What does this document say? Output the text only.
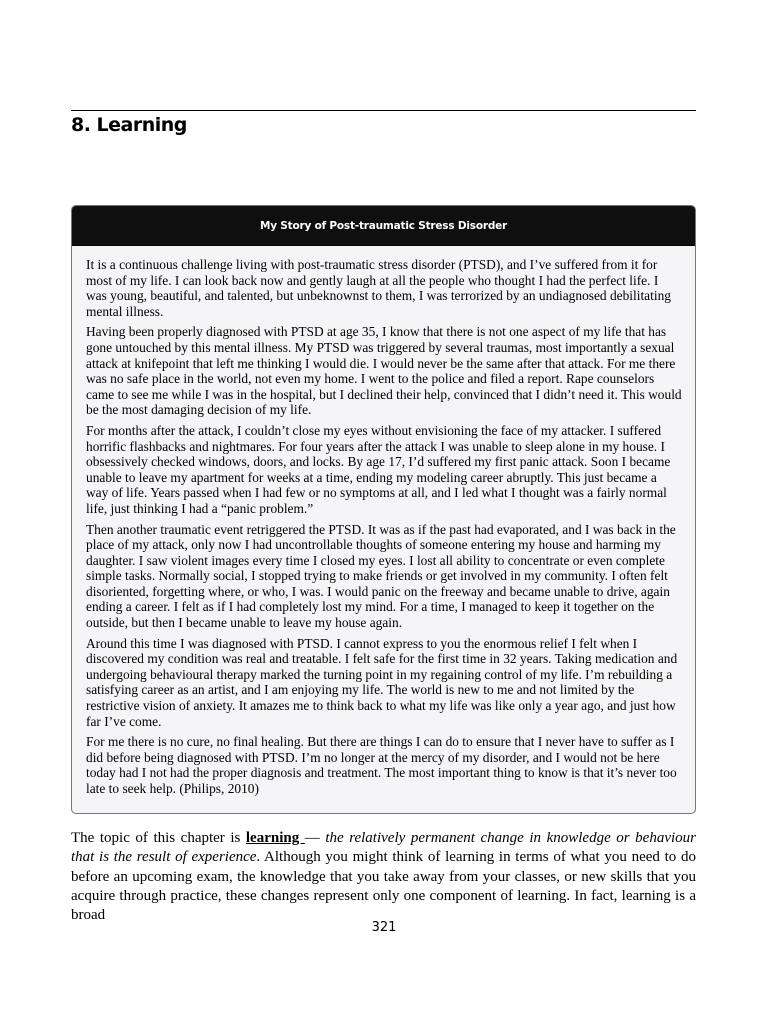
8. Learning
My Story of Post-traumatic Stress Disorder

It is a continuous challenge living with post-traumatic stress disorder (PTSD), and I’ve suffered from it for most of my life. I can look back now and gently laugh at all the people who thought I had the perfect life. I was young, beautiful, and talented, but unbeknownst to them, I was terrorized by an undiagnosed debilitating mental illness.

Having been properly diagnosed with PTSD at age 35, I know that there is not one aspect of my life that has gone untouched by this mental illness. My PTSD was triggered by several traumas, most importantly a sexual attack at knifepoint that left me thinking I would die. I would never be the same after that attack. For me there was no safe place in the world, not even my home. I went to the police and filed a report. Rape counselors came to see me while I was in the hospital, but I declined their help, convinced that I didn’t need it. This would be the most damaging decision of my life.

For months after the attack, I couldn’t close my eyes without envisioning the face of my attacker. I suffered horrific flashbacks and nightmares. For four years after the attack I was unable to sleep alone in my house. I obsessively checked windows, doors, and locks. By age 17, I’d suffered my first panic attack. Soon I became unable to leave my apartment for weeks at a time, ending my modeling career abruptly. This just became a way of life. Years passed when I had few or no symptoms at all, and I led what I thought was a fairly normal life, just thinking I had a “panic problem.”

Then another traumatic event retriggered the PTSD. It was as if the past had evaporated, and I was back in the place of my attack, only now I had uncontrollable thoughts of someone entering my house and harming my daughter. I saw violent images every time I closed my eyes. I lost all ability to concentrate or even complete simple tasks. Normally social, I stopped trying to make friends or get involved in my community. I often felt disoriented, forgetting where, or who, I was. I would panic on the freeway and became unable to drive, again ending a career. I felt as if I had completely lost my mind. For a time, I managed to keep it together on the outside, but then I became unable to leave my house again.

Around this time I was diagnosed with PTSD. I cannot express to you the enormous relief I felt when I discovered my condition was real and treatable. I felt safe for the first time in 32 years. Taking medication and undergoing behavioural therapy marked the turning point in my regaining control of my life. I’m rebuilding a satisfying career as an artist, and I am enjoying my life. The world is new to me and not limited by the restrictive vision of anxiety. It amazes me to think back to what my life was like only a year ago, and just how far I’ve come.

For me there is no cure, no final healing. But there are things I can do to ensure that I never have to suffer as I did before being diagnosed with PTSD. I’m no longer at the mercy of my disorder, and I would not be here today had I not had the proper diagnosis and treatment. The most important thing to know is that it’s never too late to seek help. (Philips, 2010)

The topic of this chapter is learning — the relatively permanent change in knowledge or behaviour that is the result of experience. Although you might think of learning in terms of what you need to do before an upcoming exam, the knowledge that you take away from your classes, or new skills that you acquire through practice, these changes represent only one component of learning. In fact, learning is a broad

321
